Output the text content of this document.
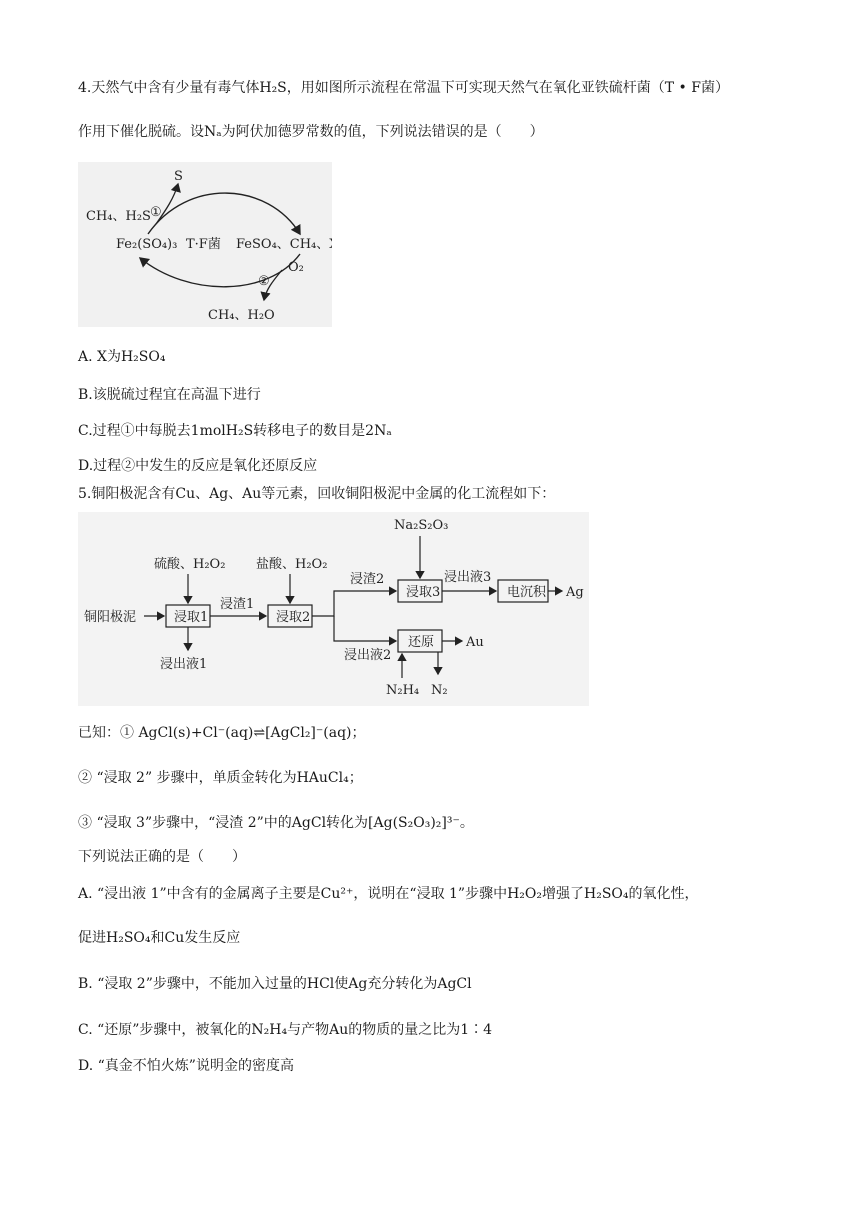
4.天然气中含有少量有毒气体H₂S，用如图所示流程在常温下可实现天然气在氧化亚铁硫杆菌（T • F菌）
作用下催化脱硫。设Nₐ为阿伏加德罗常数的值，下列说法错误的是（　　）
S
CH₄、H₂S ①
Fe₂(SO₄)₃ T·F菌 FeSO₄、CH₄、X
O₂
②
CH₄、H₂O
A. X为H₂SO₄
B.该脱硫过程宜在高温下进行
C.过程①中每脱去1molH₂S转移电子的数目是2Nₐ
D.过程②中发生的反应是氧化还原反应
5.铜阳极泥含有Cu、Ag、Au等元素，回收铜阳极泥中金属的化工流程如下：
铜阳极泥
硫酸、H₂O₂
浸取1
浸出液1
浸渣1
盐酸、H₂O₂
浸取2
浸渣2
Na₂S₂O₃
浸取3
浸出液3
电沉积 Ag
浸出液2
还原 Au
N₂H₄ N₂
已知：① AgCl(s)+Cl⁻(aq)⇌[AgCl₂]⁻(aq)；
② “浸取 2” 步骤中，单质金转化为HAuCl₄；
③ “浸取 3”步骤中，“浸渣 2”中的AgCl转化为[Ag(S₂O₃)₂]³⁻。
下列说法正确的是（　　）
A. “浸出液 1”中含有的金属离子主要是Cu²⁺，说明在“浸取 1”步骤中H₂O₂增强了H₂SO₄的氧化性，
促进H₂SO₄和Cu发生反应
B. “浸取 2”步骤中，不能加入过量的HCl使Ag充分转化为AgCl
C. “还原”步骤中，被氧化的N₂H₄与产物Au的物质的量之比为1∶4
D. “真金不怕火炼”说明金的密度高
